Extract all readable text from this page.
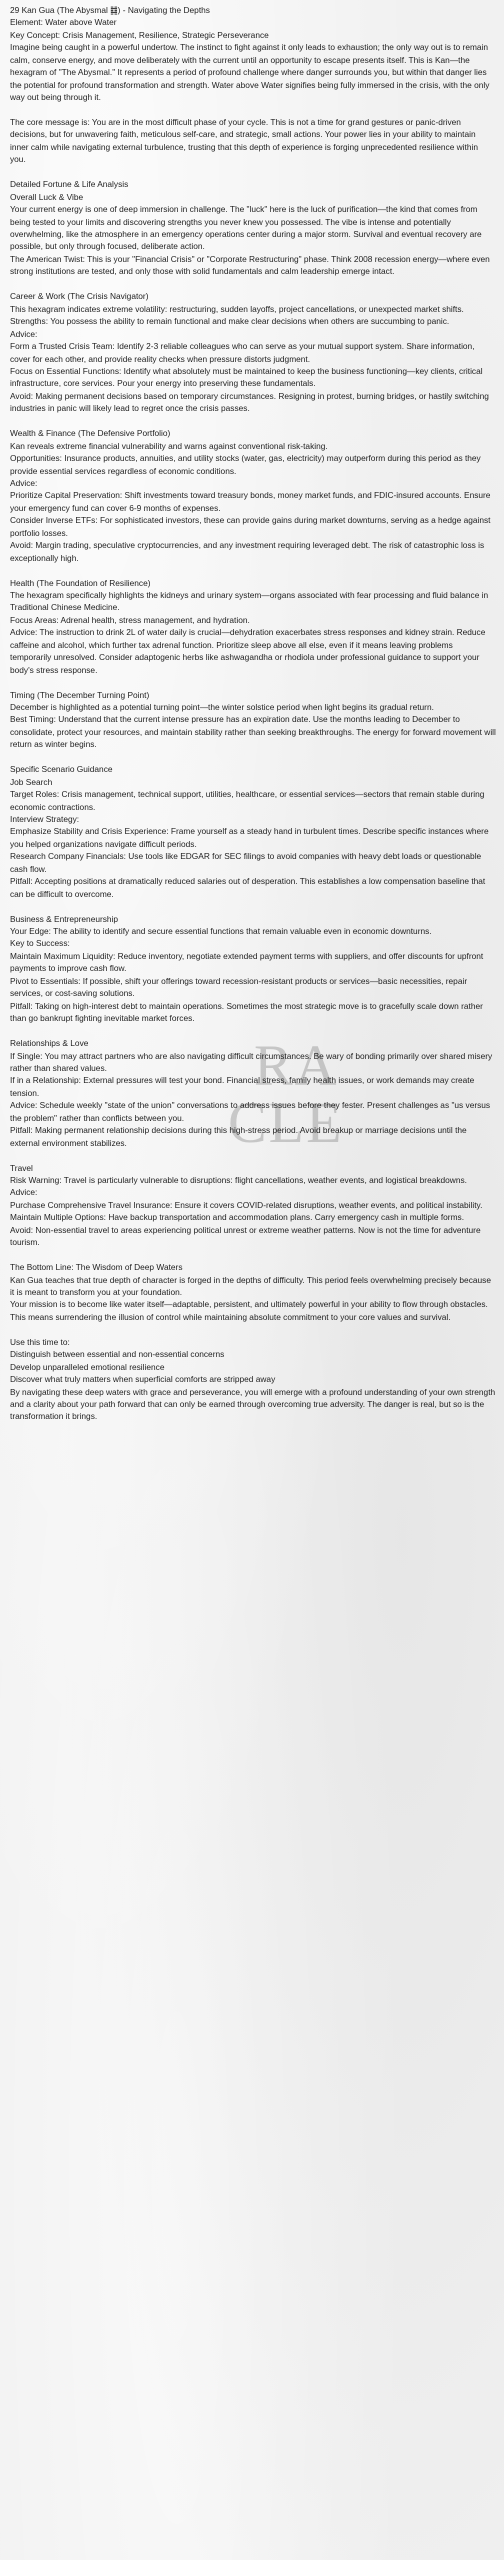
RA
CLE
29 Kan Gua (The Abysmal ䷜) - Navigating the Depths
Element: Water above Water
Key Concept: Crisis Management, Resilience, Strategic Perseverance
Imagine being caught in a powerful undertow. The instinct to fight against it only leads to exhaustion; the only way out is to remain calm, conserve energy, and move deliberately with the current until an opportunity to escape presents itself. This is Kan—the hexagram of "The Abysmal." It represents a period of profound challenge where danger surrounds you, but within that danger lies the potential for profound transformation and strength. Water above Water signifies being fully immersed in the crisis, with the only way out being through it.
The core message is: You are in the most difficult phase of your cycle. This is not a time for grand gestures or panic-driven decisions, but for unwavering faith, meticulous self-care, and strategic, small actions. Your power lies in your ability to maintain inner calm while navigating external turbulence, trusting that this depth of experience is forging unprecedented resilience within you.
Detailed Fortune & Life Analysis
Overall Luck & Vibe
Your current energy is one of deep immersion in challenge. The "luck" here is the luck of purification—the kind that comes from being tested to your limits and discovering strengths you never knew you possessed. The vibe is intense and potentially overwhelming, like the atmosphere in an emergency operations center during a major storm. Survival and eventual recovery are possible, but only through focused, deliberate action.
The American Twist: This is your "Financial Crisis" or "Corporate Restructuring" phase. Think 2008 recession energy—where even strong institutions are tested, and only those with solid fundamentals and calm leadership emerge intact.
Career & Work (The Crisis Navigator)
This hexagram indicates extreme volatility: restructuring, sudden layoffs, project cancellations, or unexpected market shifts.
Strengths: You possess the ability to remain functional and make clear decisions when others are succumbing to panic.
Advice:
Form a Trusted Crisis Team: Identify 2-3 reliable colleagues who can serve as your mutual support system. Share information, cover for each other, and provide reality checks when pressure distorts judgment.
Focus on Essential Functions: Identify what absolutely must be maintained to keep the business functioning—key clients, critical infrastructure, core services. Pour your energy into preserving these fundamentals.
Avoid: Making permanent decisions based on temporary circumstances. Resigning in protest, burning bridges, or hastily switching industries in panic will likely lead to regret once the crisis passes.
Wealth & Finance (The Defensive Portfolio)
Kan reveals extreme financial vulnerability and warns against conventional risk-taking.
Opportunities: Insurance products, annuities, and utility stocks (water, gas, electricity) may outperform during this period as they provide essential services regardless of economic conditions.
Advice:
Prioritize Capital Preservation: Shift investments toward treasury bonds, money market funds, and FDIC-insured accounts. Ensure your emergency fund can cover 6-9 months of expenses.
Consider Inverse ETFs: For sophisticated investors, these can provide gains during market downturns, serving as a hedge against portfolio losses.
Avoid: Margin trading, speculative cryptocurrencies, and any investment requiring leveraged debt. The risk of catastrophic loss is exceptionally high.
Health (The Foundation of Resilience)
The hexagram specifically highlights the kidneys and urinary system—organs associated with fear processing and fluid balance in Traditional Chinese Medicine.
Focus Areas: Adrenal health, stress management, and hydration.
Advice: The instruction to drink 2L of water daily is crucial—dehydration exacerbates stress responses and kidney strain. Reduce caffeine and alcohol, which further tax adrenal function. Prioritize sleep above all else, even if it means leaving problems temporarily unresolved. Consider adaptogenic herbs like ashwagandha or rhodiola under professional guidance to support your body's stress response.
Timing (The December Turning Point)
December is highlighted as a potential turning point—the winter solstice period when light begins its gradual return.
Best Timing: Understand that the current intense pressure has an expiration date. Use the months leading to December to consolidate, protect your resources, and maintain stability rather than seeking breakthroughs. The energy for forward movement will return as winter begins.
Specific Scenario Guidance
Job Search
Target Roles: Crisis management, technical support, utilities, healthcare, or essential services—sectors that remain stable during economic contractions.
Interview Strategy:
Emphasize Stability and Crisis Experience: Frame yourself as a steady hand in turbulent times. Describe specific instances where you helped organizations navigate difficult periods.
Research Company Financials: Use tools like EDGAR for SEC filings to avoid companies with heavy debt loads or questionable cash flow.
Pitfall: Accepting positions at dramatically reduced salaries out of desperation. This establishes a low compensation baseline that can be difficult to overcome.
Business & Entrepreneurship
Your Edge: The ability to identify and secure essential functions that remain valuable even in economic downturns.
Key to Success:
Maintain Maximum Liquidity: Reduce inventory, negotiate extended payment terms with suppliers, and offer discounts for upfront payments to improve cash flow.
Pivot to Essentials: If possible, shift your offerings toward recession-resistant products or services—basic necessities, repair services, or cost-saving solutions.
Pitfall: Taking on high-interest debt to maintain operations. Sometimes the most strategic move is to gracefully scale down rather than go bankrupt fighting inevitable market forces.
Relationships & Love
If Single: You may attract partners who are also navigating difficult circumstances. Be wary of bonding primarily over shared misery rather than shared values.
If in a Relationship: External pressures will test your bond. Financial stress, family health issues, or work demands may create tension.
Advice: Schedule weekly "state of the union" conversations to address issues before they fester. Present challenges as "us versus the problem" rather than conflicts between you.
Pitfall: Making permanent relationship decisions during this high-stress period. Avoid breakup or marriage decisions until the external environment stabilizes.
Travel
Risk Warning: Travel is particularly vulnerable to disruptions: flight cancellations, weather events, and logistical breakdowns.
Advice:
Purchase Comprehensive Travel Insurance: Ensure it covers COVID-related disruptions, weather events, and political instability.
Maintain Multiple Options: Have backup transportation and accommodation plans. Carry emergency cash in multiple forms.
Avoid: Non-essential travel to areas experiencing political unrest or extreme weather patterns. Now is not the time for adventure tourism.
The Bottom Line: The Wisdom of Deep Waters
Kan Gua teaches that true depth of character is forged in the depths of difficulty. This period feels overwhelming precisely because it is meant to transform you at your foundation.
Your mission is to become like water itself—adaptable, persistent, and ultimately powerful in your ability to flow through obstacles. This means surrendering the illusion of control while maintaining absolute commitment to your core values and survival.
Use this time to:
Distinguish between essential and non-essential concerns
Develop unparalleled emotional resilience
Discover what truly matters when superficial comforts are stripped away
By navigating these deep waters with grace and perseverance, you will emerge with a profound understanding of your own strength and a clarity about your path forward that can only be earned through overcoming true adversity. The danger is real, but so is the transformation it brings.
